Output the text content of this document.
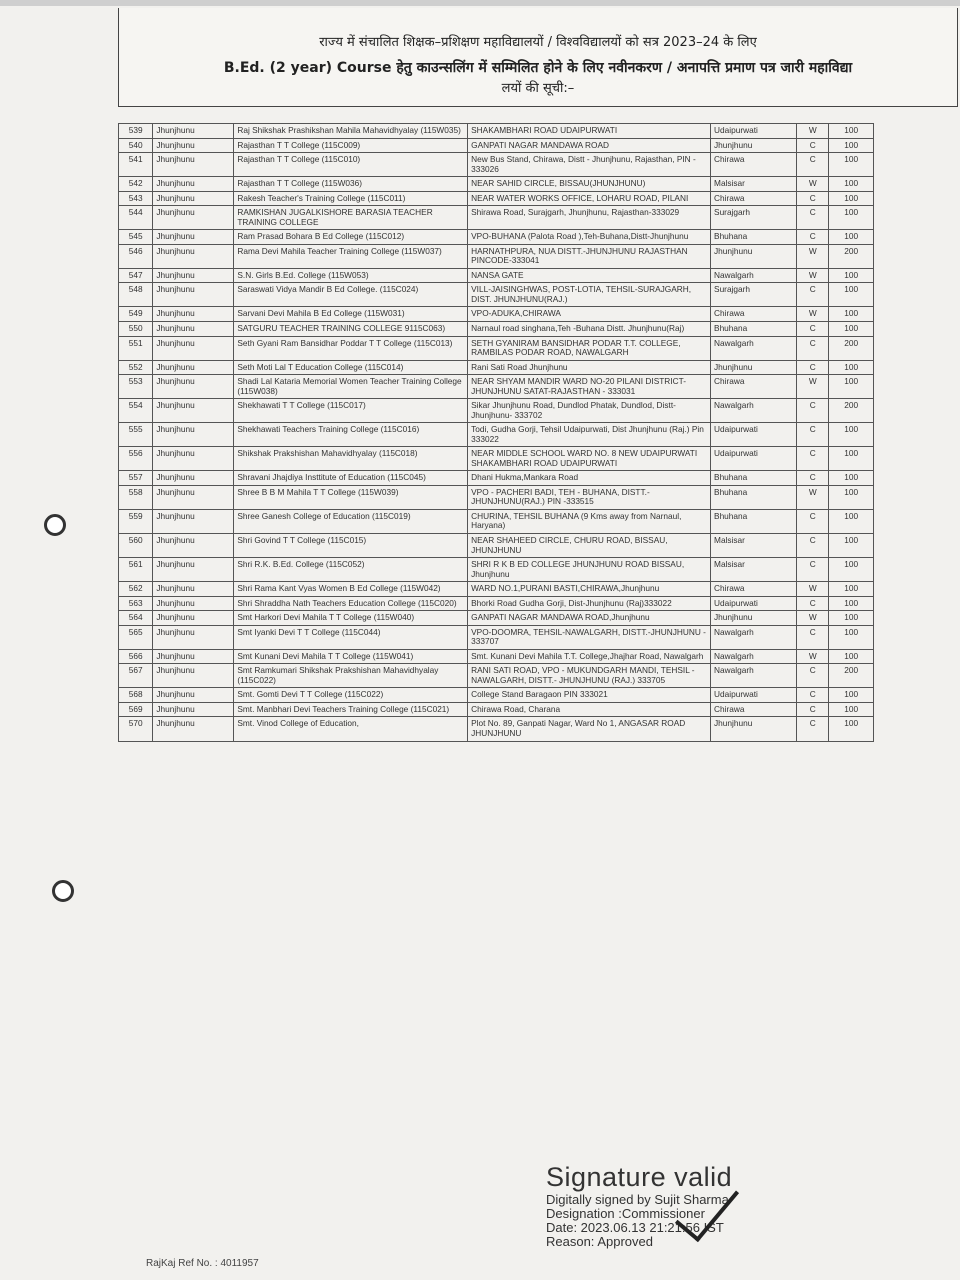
राज्य में संचालित शिक्षक–प्रशिक्षण महाविद्यालयों / विश्वविद्यालयों को सत्र 2023–24 के लिए
B.Ed. (2 year) Course हेतु काउन्सलिंग में सम्मिलित होने के लिए नवीनकरण / अनापत्ति प्रमाण पत्र जारी महाविद्या
लयों की सूची:–
539	Jhunjhunu	Raj Shikshak Prashikshan Mahila Mahavidhyalay (115W035)	SHAKAMBHARI ROAD UDAIPURWATI	Udaipurwati	W	100
540	Jhunjhunu	Rajasthan T T College (115C009)	GANPATI NAGAR MANDAWA ROAD	Jhunjhunu	C	100
541	Jhunjhunu	Rajasthan T T College (115C010)	New Bus Stand, Chirawa, Distt - Jhunjhunu, Rajasthan, PIN - 333026	Chirawa	C	100
542	Jhunjhunu	Rajasthan T T College (115W036)	NEAR SAHID CIRCLE, BISSAU(JHUNJHUNU)	Malsisar	W	100
543	Jhunjhunu	Rakesh Teacher's Training College (115C011)	NEAR WATER WORKS OFFICE, LOHARU ROAD, PILANI	Chirawa	C	100
544	Jhunjhunu	RAMKISHAN JUGALKISHORE BARASIA TEACHER TRAINING COLLEGE	Shirawa Road, Surajgarh, Jhunjhunu, Rajasthan-333029	Surajgarh	C	100
545	Jhunjhunu	Ram Prasad Bohara B Ed College (115C012)	VPO-BUHANA (Palota Road ),Teh-Buhana,Distt-Jhunjhunu	Bhuhana	C	100
546	Jhunjhunu	Rama Devi Mahila Teacher Training College (115W037)	HARNATHPURA, NUA DISTT.-JHUNJHUNU RAJASTHAN PINCODE-333041	Jhunjhunu	W	200
547	Jhunjhunu	S.N. Girls B.Ed. College (115W053)	NANSA GATE	Nawalgarh	W	100
548	Jhunjhunu	Saraswati Vidya Mandir B Ed College. (115C024)	VILL-JAISINGHWAS, POST-LOTIA, TEHSIL-SURAJGARH, DIST. JHUNJHUNU(RAJ.)	Surajgarh	C	100
549	Jhunjhunu	Sarvani Devi Mahila B Ed College (115W031)	VPO-ADUKA,CHIRAWA	Chirawa	W	100
550	Jhunjhunu	SATGURU TEACHER TRAINING COLLEGE 9115C063)	Narnaul road singhana,Teh -Buhana Distt. Jhunjhunu(Raj)	Bhuhana	C	100
551	Jhunjhunu	Seth Gyani Ram Bansidhar Poddar T T College (115C013)	SETH GYANIRAM BANSIDHAR PODAR T.T. COLLEGE, RAMBILAS PODAR ROAD, NAWALGARH	Nawalgarh	C	200
552	Jhunjhunu	Seth Moti Lal T Education College (115C014)	Rani Sati Road Jhunjhunu	Jhunjhunu	C	100
553	Jhunjhunu	Shadi Lal Kataria Memorial Women Teacher Training College (115W038)	NEAR SHYAM MANDIR WARD NO-20 PILANI DISTRICT- JHUNJHUNU SATAT-RAJASTHAN - 333031	Chirawa	W	100
554	Jhunjhunu	Shekhawati T T College (115C017)	Sikar Jhunjhunu Road, Dundlod Phatak, Dundlod, Distt- Jhunjhunu- 333702	Nawalgarh	C	200
555	Jhunjhunu	Shekhawati Teachers Training College (115C016)	Todi, Gudha Gorji, Tehsil Udaipurwati, Dist Jhunjhunu (Raj.) Pin 333022	Udaipurwati	C	100
556	Jhunjhunu	Shikshak Prakshishan Mahavidhyalay (115C018)	NEAR MIDDLE SCHOOL WARD NO. 8 NEW UDAIPURWATI SHAKAMBHARI ROAD UDAIPURWATI	Udaipurwati	C	100
557	Jhunjhunu	Shravani Jhajdiya Insttitute of Education (115C045)	Dhani Hukma,Mankara Road	Bhuhana	C	100
558	Jhunjhunu	Shree B B M Mahila T T College (115W039)	VPO - PACHERI BADI, TEH - BUHANA, DISTT.- JHUNJHUNU(RAJ.) PIN -333515	Bhuhana	W	100
559	Jhunjhunu	Shree Ganesh College of Education (115C019)	CHURINA, TEHSIL BUHANA (9 Kms away from Narnaul, Haryana)	Bhuhana	C	100
560	Jhunjhunu	Shri Govind T T College (115C015)	NEAR SHAHEED CIRCLE, CHURU ROAD, BISSAU, JHUNJHUNU	Malsisar	C	100
561	Jhunjhunu	Shri R.K. B.Ed. College (115C052)	SHRI R K B ED COLLEGE JHUNJHUNU ROAD BISSAU, Jhunjhunu	Malsisar	C	100
562	Jhunjhunu	Shri Rama Kant Vyas Women B Ed College (115W042)	WARD NO.1,PURANI BASTI,CHIRAWA,Jhunjhunu	Chirawa	W	100
563	Jhunjhunu	Shri Shraddha Nath Teachers Education College (115C020)	Bhorki Road Gudha Gorji, Dist-Jhunjhunu (Raj)333022	Udaipurwati	C	100
564	Jhunjhunu	Smt Harkori Devi Mahila T T College (115W040)	GANPATI NAGAR MANDAWA ROAD,Jhunjhunu	Jhunjhunu	W	100
565	Jhunjhunu	Smt Iyanki Devi T T College (115C044)	VPO-DOOMRA, TEHSIL-NAWALGARH, DISTT.-JHUNJHUNU - 333707	Nawalgarh	C	100
566	Jhunjhunu	Smt Kunani Devi Mahila T T College (115W041)	Smt. Kunani Devi Mahila T.T. College,Jhajhar Road, Nawalgarh	Nawalgarh	W	100
567	Jhunjhunu	Smt Ramkumari Shikshak Prakshishan Mahavidhyalay (115C022)	RANI SATI ROAD, VPO - MUKUNDGARH MANDI, TEHSIL - NAWALGARH, DISTT.- JHUNJHUNU (RAJ.) 333705	Nawalgarh	C	200
568	Jhunjhunu	Smt. Gomti Devi T T College (115C022)	College Stand Baragaon PIN 333021	Udaipurwati	C	100
569	Jhunjhunu	Smt. Manbhari Devi Teachers Training College (115C021)	Chirawa Road, Charana	Chirawa	C	100
570	Jhunjhunu	Smt. Vinod College of Education,	Plot No. 89, Ganpati Nagar, Ward No 1, ANGASAR ROAD JHUNJHUNU	Jhunjhunu	C	100
Signature valid
Digitally signed by Sujit Sharma
Designation :Commissioner
Date: 2023.06.13 21:21:56 IST
Reason: Approved
RajKaj Ref No. : 4011957
